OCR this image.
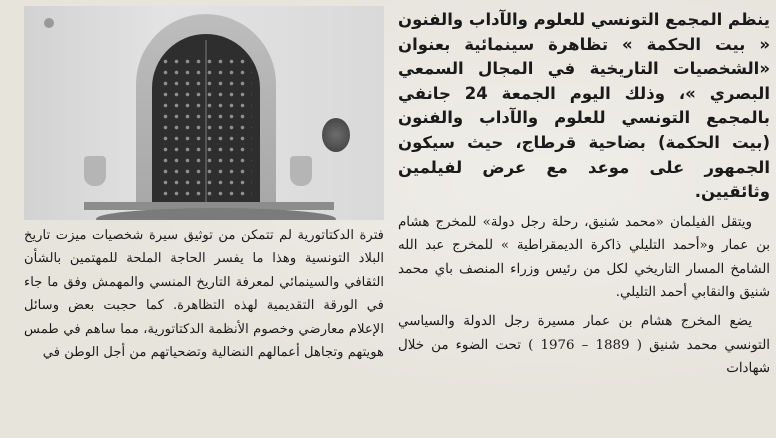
فترة الدكتاتورية لم تتمكن من توثيق سيرة شخصيات ميزت تاريخ البلاد التونسية وهذا ما يفسر الحاجة الملحة للمهتمين بالشأن الثقافي والسينمائي لمعرفة التاريخ المنسي والمهمش وفق ما جاء في الورقة التقديمية لهذه التظاهرة. كما حجبت بعض وسائل الإعلام معارضي وخصوم الأنظمة الدكتاتورية، مما ساهم في طمس هويتهم وتجاهل أعمالهم النضالية وتضحياتهم من أجل الوطن في

ينظم المجمع التونسي للعلوم والآداب والفنون « بيت الحكمة » تظاهرة سينمائية بعنوان «الشخصيات التاريخية في المجال السمعي البصري »، وذلك اليوم الجمعة 24 جانفي بالمجمع التونسي للعلوم والآداب والفنون (بيت الحكمة) بضاحية قرطاج، حيث سيكون الجمهور على موعد مع عرض لفيلمين وثائقيين.

ويتقل الفيلمان «محمد شنيق، رحلة رجل دولة» للمخرج هشام بن عمار و«أحمد التليلي ذاكرة الديمقراطية » للمخرج عبد الله الشامخ المسار التاريخي لكل من رئيس وزراء المنصف باي محمد شنيق والنقابي أحمد التليلي.

يضع المخرج هشام بن عمار مسيرة رجل الدولة والسياسي التونسي محمد شنيق ( 1889 – 1976 ) تحت الضوء من خلال شهادات
